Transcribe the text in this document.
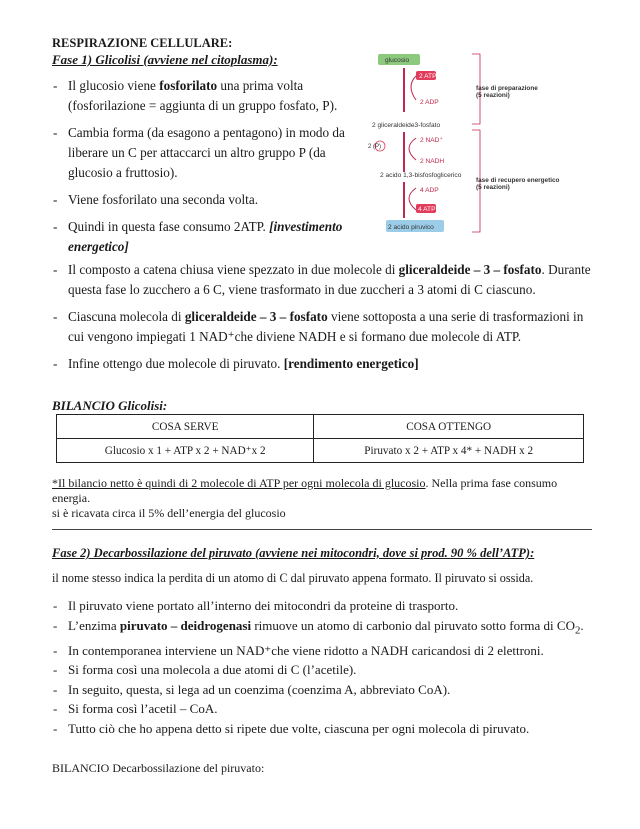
RESPIRAZIONE CELLULARE:
Fase 1) Glicolisi (avviene nel citoplasma):
- Il glucosio viene fosforilato una prima volta (fosforilazione = aggiunta di un gruppo fosfato, P).
- Cambia forma (da esagono a pentagono) in modo da liberare un C per attaccarci un altro gruppo P (da glucosio a fruttosio).
- Viene fosforilato una seconda volta.
- Quindi in questa fase consumo 2ATP. [investimento energetico]
glucosio
2 ATP
2 ADP
2 gliceraldeide3-fosfato
2 (P)
2 NAD⁺
2 NADH
2 acido 1,3-bisfosfoglicerico
4 ADP
4 ATP
2 acido piruvico
fase di preparazione
(5 reazioni)
fase di recupero energetico
(5 reazioni)
- Il composto a catena chiusa viene spezzato in due molecole di gliceraldeide – 3 – fosfato. Durante questa fase lo zucchero a 6 C, viene trasformato in due zuccheri a 3 atomi di C ciascuno.
- Ciascuna molecola di gliceraldeide – 3 – fosfato viene sottoposta a una serie di trasformazioni in cui vengono impiegati 1 NAD⁺che diviene NADH e si formano due molecole di ATP.
- Infine ottengo due molecole di piruvato. [rendimento energetico]
BILANCIO Glicolisi:
COSA SERVE	COSA OTTENGO
Glucosio x 1 + ATP x 2 + NAD⁺x 2	Piruvato x 2 + ATP x 4* + NADH x 2
*Il bilancio netto è quindi di 2 molecole di ATP per ogni molecola di glucosio. Nella prima fase consumo energia.
si è ricavata circa il 5% dell’energia del glucosio
Fase 2) Decarbossilazione del piruvato (avviene nei mitocondri, dove si prod. 90 % dell’ATP):
il nome stesso indica la perdita di un atomo di C dal piruvato appena formato. Il piruvato si ossida.
- Il piruvato viene portato all’interno dei mitocondri da proteine di trasporto.
- L’enzima piruvato – deidrogenasi rimuove un atomo di carbonio dal piruvato sotto forma di $CO_2$.
- In contemporanea interviene un NAD⁺che viene ridotto a NADH caricandosi di 2 elettroni.
- Si forma così una molecola a due atomi di C (l’acetile).
- In seguito, questa, si lega ad un coenzima (coenzima A, abbreviato CoA).
- Si forma così l’acetil – CoA.
- Tutto ciò che ho appena detto si ripete due volte, ciascuna per ogni molecola di piruvato.
BILANCIO Decarbossilazione del piruvato:
